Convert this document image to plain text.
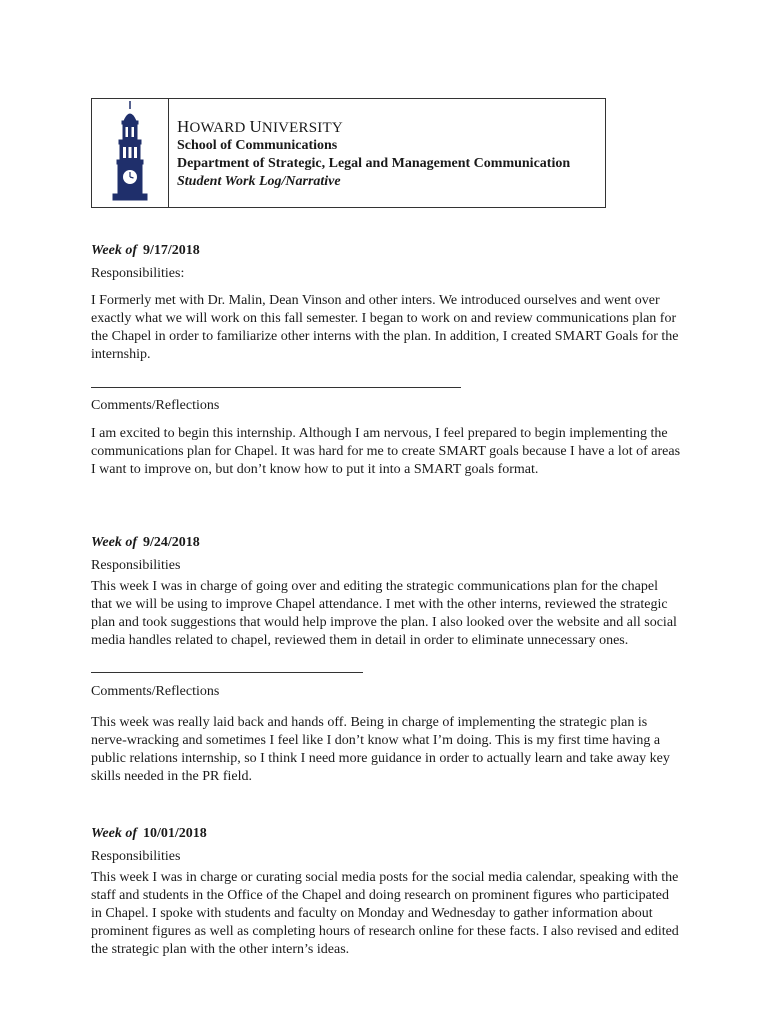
HOWARD UNIVERSITY
School of Communications
Department of Strategic, Legal and Management Communication
Student Work Log/Narrative
Week of 9/17/2018
Responsibilities:
I Formerly met with Dr. Malin, Dean Vinson and other inters. We introduced ourselves and went over exactly what we will work on this fall semester. I began to work on and review communications plan for the Chapel in order to familiarize other interns with the plan. In addition, I created SMART Goals for the internship.
Comments/Reflections
I am excited to begin this internship. Although I am nervous, I feel prepared to begin implementing the communications plan for Chapel. It was hard for me to create SMART goals because I have a lot of areas I want to improve on, but don’t know how to put it into a SMART goals format.
Week of 9/24/2018
Responsibilities
This week I was in charge of going over and editing the strategic communications plan for the chapel that we will be using to improve Chapel attendance. I met with the other interns, reviewed the strategic plan and took suggestions that would help improve the plan. I also looked over the website and all social media handles related to chapel, reviewed them in detail in order to eliminate unnecessary ones.
Comments/Reflections
This week was really laid back and hands off. Being in charge of implementing the strategic plan is nerve-wracking and sometimes I feel like I don’t know what I’m doing. This is my first time having a public relations internship, so I think I need more guidance in order to actually learn and take away key skills needed in the PR field.
Week of 10/01/2018
Responsibilities
This week I was in charge or curating social media posts for the social media calendar, speaking with the staff and students in the Office of the Chapel and doing research on prominent figures who participated in Chapel. I spoke with students and faculty on Monday and Wednesday to gather information about prominent figures as well as completing hours of research online for these facts. I also revised and edited the strategic plan with the other intern’s ideas.
